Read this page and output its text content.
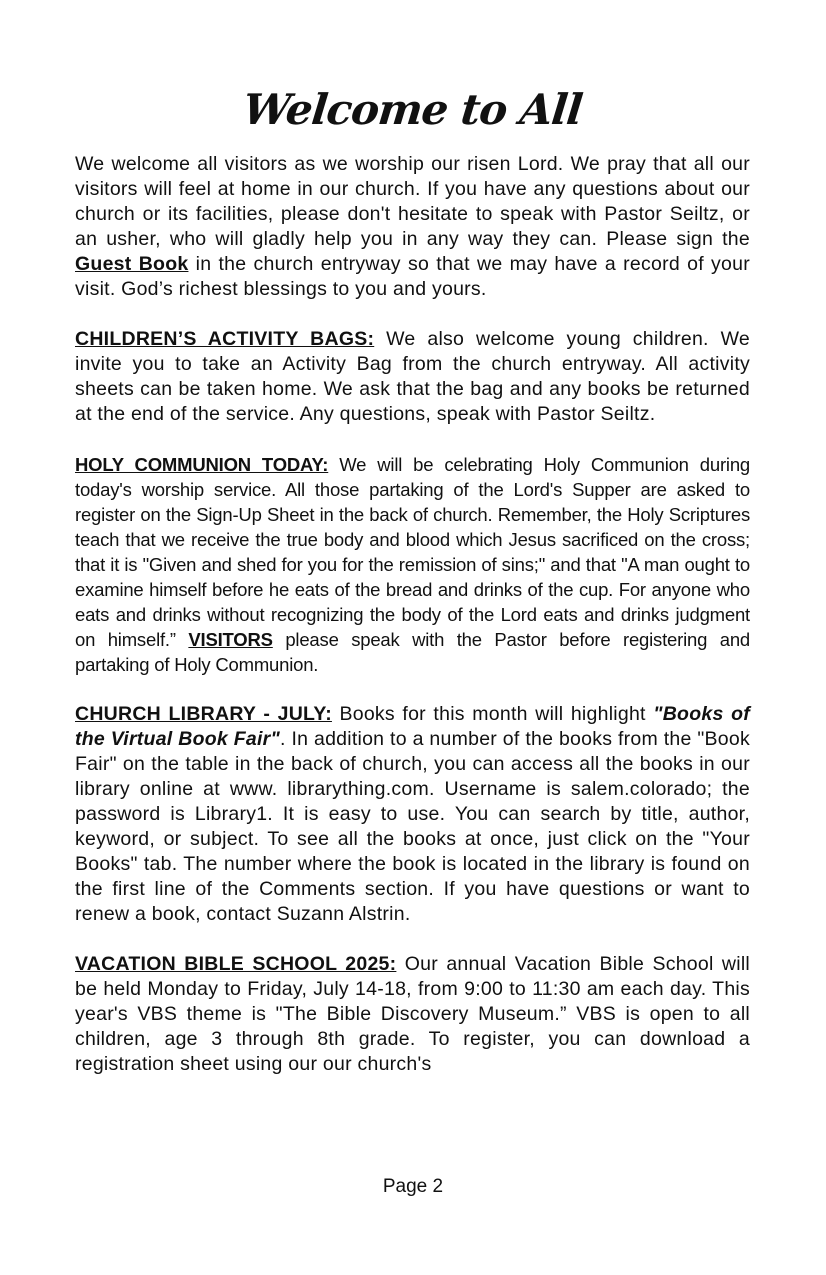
Welcome to All

We welcome all visitors as we worship our risen Lord. We pray that all our visitors will feel at home in our church. If you have any questions about our church or its facilities, please don't hesitate to speak with Pastor Seiltz, or an usher, who will gladly help you in any way they can. Please sign the Guest Book in the church entryway so that we may have a record of your visit. God’s richest blessings to you and yours.

CHILDREN’S ACTIVITY BAGS: We also welcome young children. We invite you to take an Activity Bag from the church entryway. All activity sheets can be taken home. We ask that the bag and any books be returned at the end of the service. Any questions, speak with Pastor Seiltz.

HOLY COMMUNION TODAY: We will be celebrating Holy Communion during today's worship service. All those partaking of the Lord's Supper are asked to register on the Sign-Up Sheet in the back of church. Remember, the Holy Scriptures teach that we receive the true body and blood which Jesus sacrificed on the cross; that it is "Given and shed for you for the remission of sins;" and that "A man ought to examine himself before he eats of the bread and drinks of the cup. For anyone who eats and drinks without recognizing the body of the Lord eats and drinks judgment on himself.” VISITORS please speak with the Pastor before registering and partaking of Holy Communion.

CHURCH LIBRARY - JULY: Books for this month will highlight "Books of the Virtual Book Fair". In addition to a number of the books from the "Book Fair" on the table in the back of church, you can access all the books in our library online at www. librarything.com. Username is salem.colorado; the password is Library1. It is easy to use. You can search by title, author, keyword, or subject. To see all the books at once, just click on the "Your Books" tab. The number where the book is located in the library is found on the first line of the Comments section. If you have questions or want to renew a book, contact Suzann Alstrin.

VACATION BIBLE SCHOOL 2025: Our annual Vacation Bible School will be held Monday to Friday, July 14-18, from 9:00 to 11:30 am each day. This year's VBS theme is "The Bible Discovery Museum.” VBS is open to all children, age 3 through 8th grade. To register, you can download a registration sheet using our our church's

Page 2
